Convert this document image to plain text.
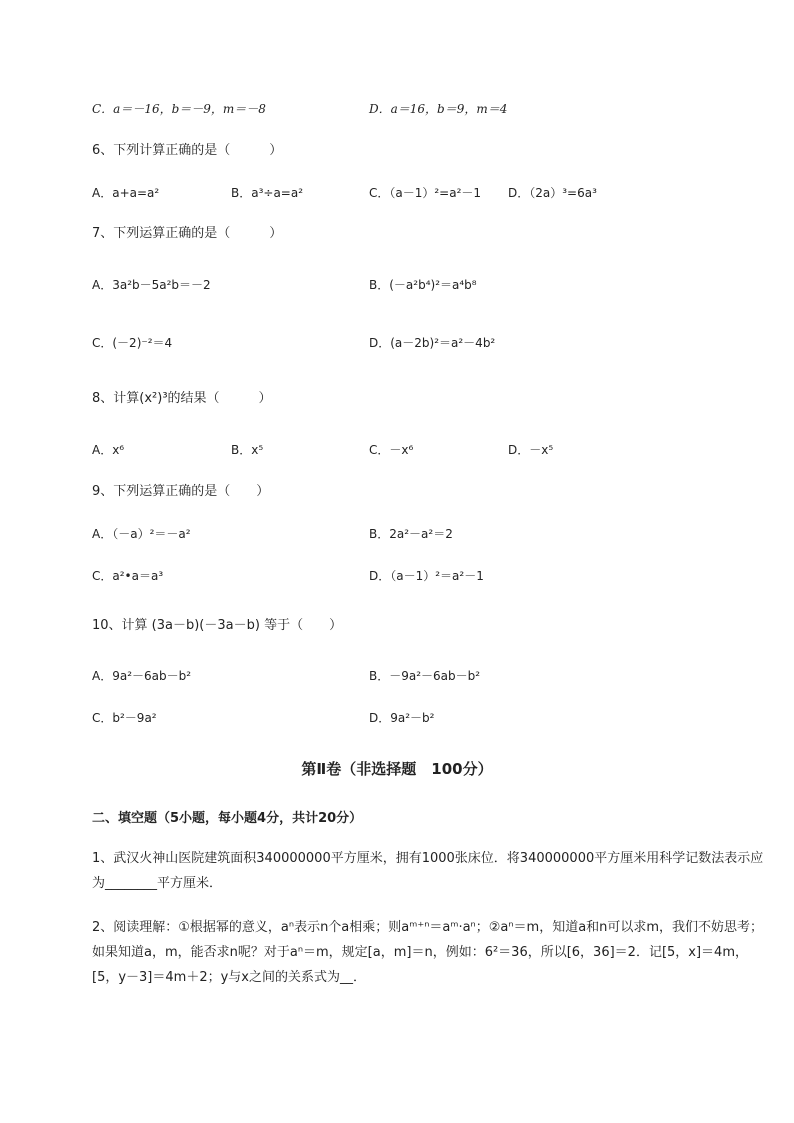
C．a＝－16，b＝－9，m＝－8	D．a＝16，b＝9，m＝4
6、下列计算正确的是（　　　）
A．a+a=a²	B．a³÷a=a²	C．（a－1）²=a²－1 D．（2a）³=6a³
7、下列运算正确的是（　　　）
A．3a²b－5a²b＝－2	B．(－a²b⁴)²＝a⁴b⁸
C．(－2)⁻²＝4	D．(a－2b)²＝a²－4b²
8、计算(x²)³的结果（　　　）
A．x⁶	B．x⁵	C．－x⁶	D．－x⁵
9、下列运算正确的是（　　）
A．（－a）²＝－a²	B．2a²－a²＝2
C．a²•a＝a³	D．（a－1）²＝a²－1
10、计算 (3a－b)(－3a－b) 等于（　　）
A．9a²－6ab－b²	B．－9a²－6ab－b²
C．b²－9a²	D．9a²－b²
第Ⅱ卷（非选择题　100分）
二、填空题（5小题，每小题4分，共计20分）
1、武汉火神山医院建筑面积340000000平方厘米，拥有1000张床位．将340000000平方厘米用科学记数法表示应为________平方厘米．
2、阅读理解：①根据幂的意义，aⁿ表示n个a相乘；则aᵐ⁺ⁿ＝aᵐ·aⁿ；②aⁿ＝m，知道a和n可以求m，我们不妨思考；如果知道a，m，能否求n呢？对于aⁿ＝m，规定[a，m]＝n，例如：6²＝36，所以[6，36]＝2．记[5，x]＝4m，[5，y－3]＝4m＋2；y与x之间的关系式为__．
